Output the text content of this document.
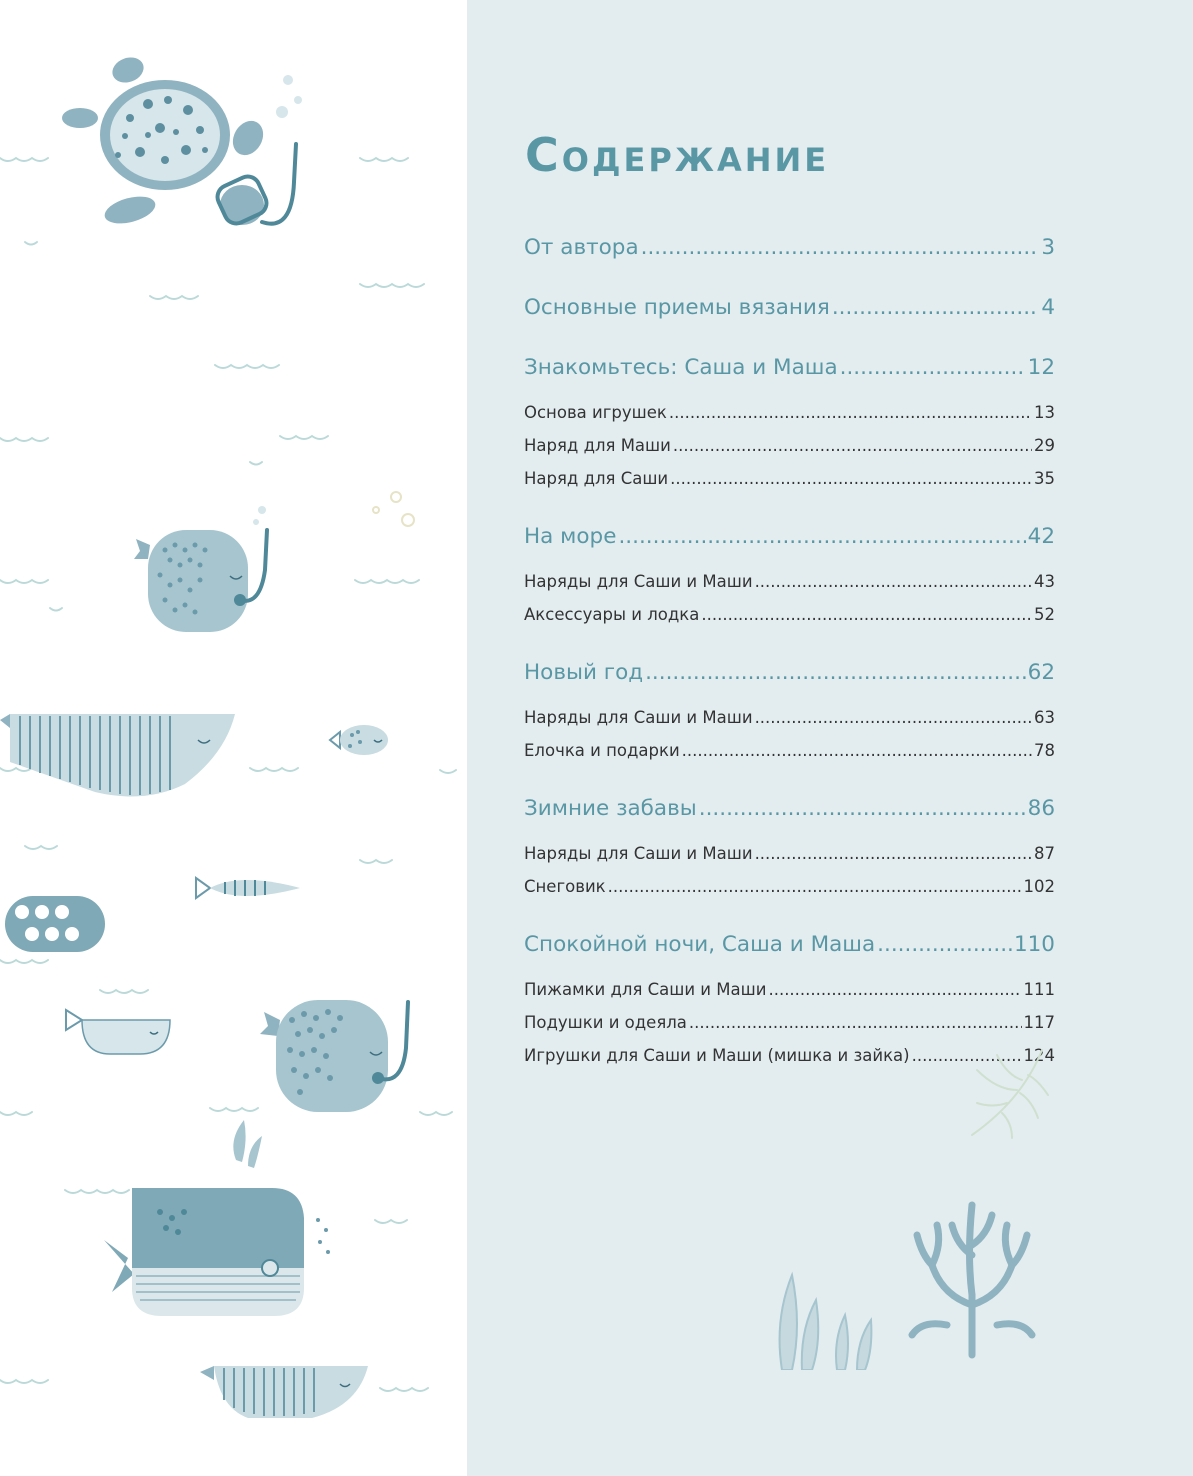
Содержание
От автора .....	3
Основные приемы вязания .....	4
Знакомьтесь: Саша и Маша .....	12
Основа игрушек .....	13
Наряд для Маши .....	29
Наряд для Саши .....	35
На море .....	42
Наряды для Саши и Маши .....	43
Аксессуары и лодка .....	52
Новый год .....	62
Наряды для Саши и Маши .....	63
Елочка и подарки .....	78
Зимние забавы .....	86
Наряды для Саши и Маши .....	87
Снеговик .....	102
Спокойной ночи, Саша и Маша .....	110
Пижамки для Саши и Маши .....	111
Подушки и одеяла .....	117
Игрушки для Саши и Маши (мишка и зайка) .....	124
